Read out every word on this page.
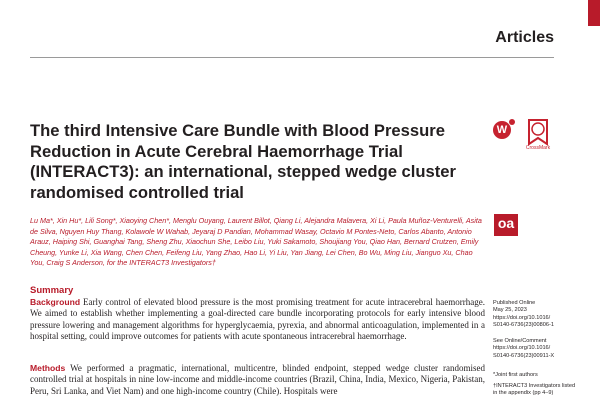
Articles
The third Intensive Care Bundle with Blood Pressure Reduction in Acute Cerebral Haemorrhage Trial (INTERACT3): an international, stepped wedge cluster randomised controlled trial
W
CrossMark
oa

Lu Ma*, Xin Hu*, Lili Song*, Xiaoying Chen*, Menglu Ouyang, Laurent Billot, Qiang Li, Alejandra Malavera, Xi Li, Paula Muñoz-Venturelli, Asita de Silva, Nguyen Huy Thang, Kolawole W Wahab, Jeyaraj D Pandian, Mohammad Wasay, Octavio M Pontes-Neto, Carlos Abanto, Antonio Arauz, Haiping Shi, Guanghai Tang, Sheng Zhu, Xiaochun She, Leibo Liu, Yuki Sakamoto, Shoujiang You, Qiao Han, Bernard Crutzen, Emily Cheung, Yunke Li, Xia Wang, Chen Chen, Feifeng Liu, Yang Zhao, Hao Li, Yi Liu, Yan Jiang, Lei Chen, Bo Wu, Ming Liu, Jianguo Xu, Chao You, Craig S Anderson, for the INTERACT3 Investigators†

Summary

Background Early control of elevated blood pressure is the most promising treatment for acute intracerebral haemorrhage. We aimed to establish whether implementing a goal-directed care bundle incorporating protocols for early intensive blood pressure lowering and management algorithms for hyperglycaemia, pyrexia, and abnormal anticoagulation, implemented in a hospital setting, could improve outcomes for patients with acute spontaneous intracerebral haemorrhage.

Methods We performed a pragmatic, international, multicentre, blinded endpoint, stepped wedge cluster randomised controlled trial at hospitals in nine low-income and middle-income countries (Brazil, China, India, Mexico, Nigeria, Pakistan, Peru, Sri Lanka, and Viet Nam) and one high-income country (Chile). Hospitals were

Published Online
May 25, 2023
https://doi.org/10.1016/
S0140-6736(23)00806-1
See Online/Comment
https://doi.org/10.1016/
S0140-6736(23)00911-X
*Joint first authors
†INTERACT3 Investigators listed
in the appendix (pp 4–9)
